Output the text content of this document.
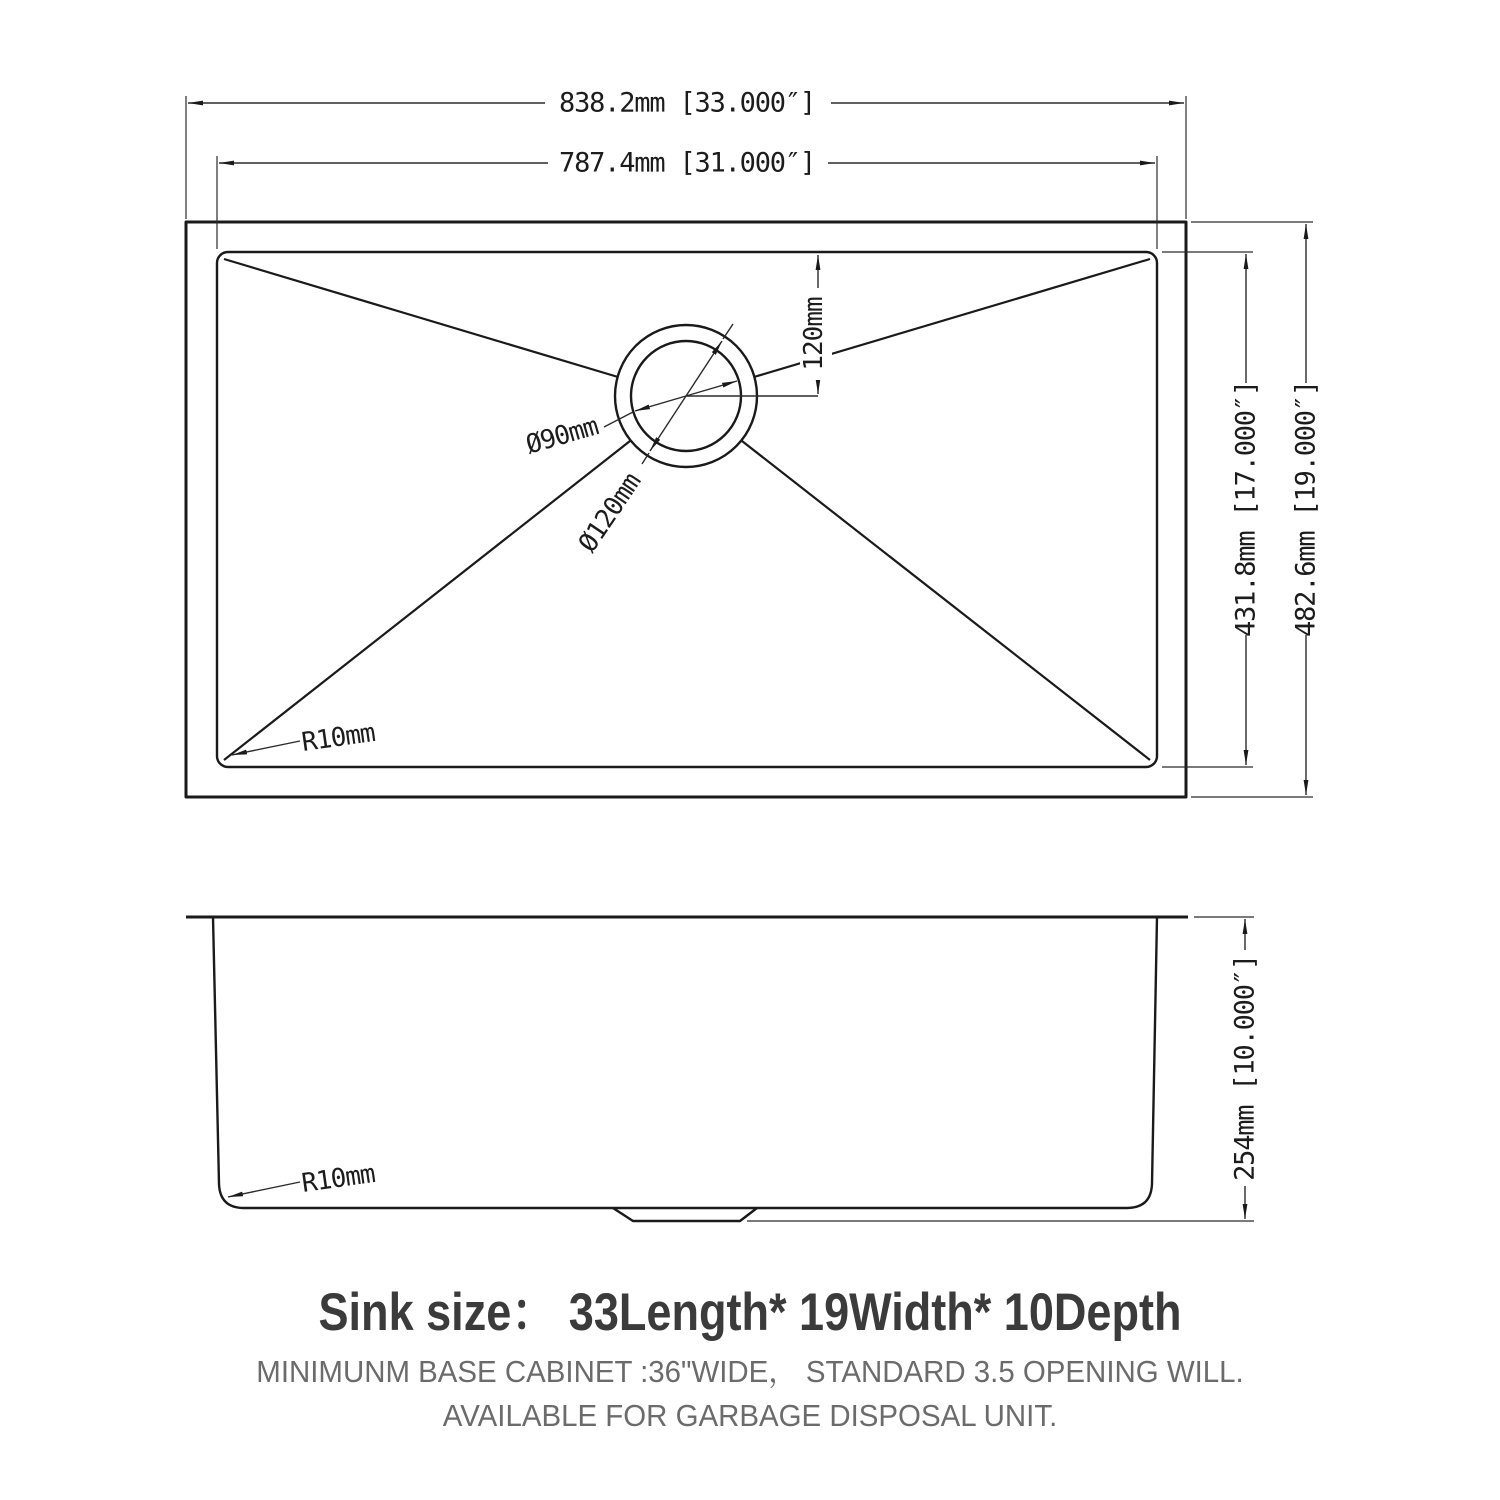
838.2mm [33.000″]
787.4mm [31.000″]
431.8mm [17.000″] 482.6mm [19.000″]
120mm
Ø90mm
Ø120mm
R10mm
R10mm	254mm [10.000″]
Sink size： 33Length* 19Width* 10Depth
MINIMUNM BASE CABINET :36"WIDE， STANDARD 3.5 OPENING WILL.
AVAILABLE FOR GARBAGE DISPOSAL UNIT.
